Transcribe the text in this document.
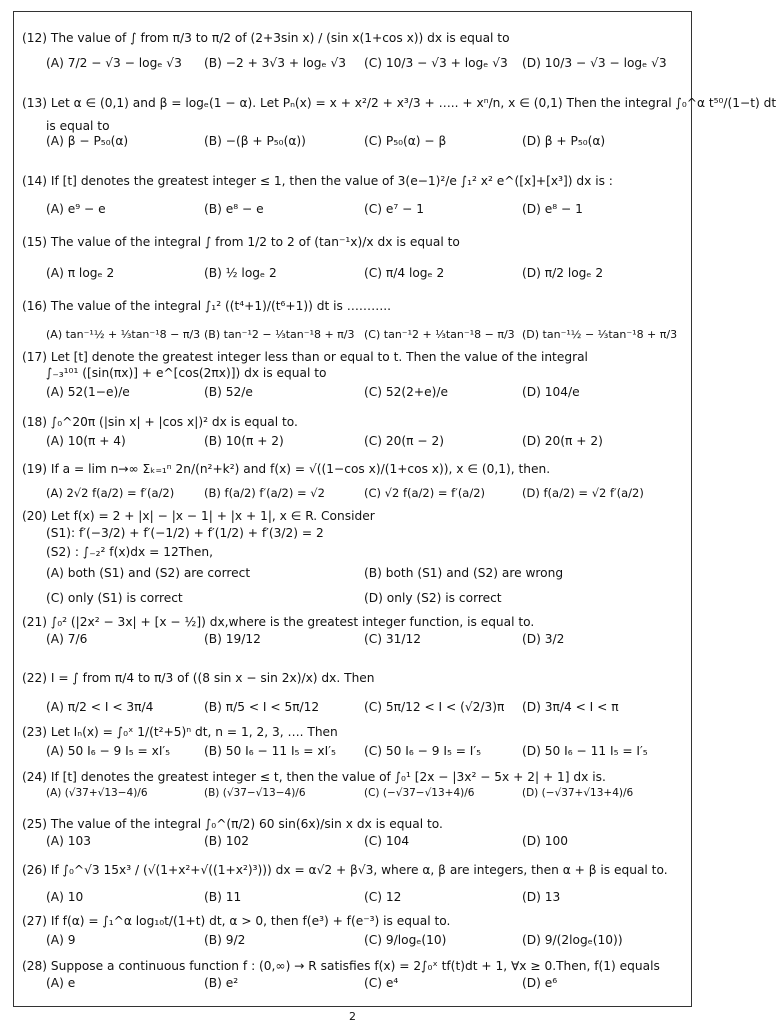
(12) The value of ∫ from π/3 to π/2 of (2+3sin x) / (sin x(1+cos x)) dx is equal to
(A) 7/2 − √3 − logₑ √3 (B) −2 + 3√3 + logₑ √3 (C) 10/3 − √3 + logₑ √3 (D) 10/3 − √3 − logₑ √3
(13) Let α ∈ (0,1) and β = logₑ(1 − α). Let Pₙ(x) = x + x²/2 + x³/3 + ….. + xⁿ/n, x ∈ (0,1) Then the integral ∫₀^α t⁵⁰/(1−t) dt
is equal to
(A) β − P₅₀(α)	(B) −(β + P₅₀(α))	(C) P₅₀(α) − β	(D) β + P₅₀(α)
(14) If [t] denotes the greatest integer ≤ 1, then the value of 3(e−1)²/e ∫₁² x² e^([x]+[x³]) dx is :
(A) e⁹ − e	(B) e⁸ − e	(C) e⁷ − 1	(D) e⁸ − 1
(15) The value of the integral ∫ from 1/2 to 2 of (tan⁻¹x)/x dx is equal to
(A) π logₑ 2	(B) ½ logₑ 2	(C) π/4 logₑ 2	(D) π/2 logₑ 2
(16) The value of the integral ∫₁² ((t⁴+1)/(t⁶+1)) dt is ………..
(A) tan⁻¹½ + ⅓tan⁻¹8 − π/3 (B) tan⁻¹2 − ⅓tan⁻¹8 + π/3 (C) tan⁻¹2 + ⅓tan⁻¹8 − π/3 (D) tan⁻¹½ − ⅓tan⁻¹8 + π/3
(17) Let [t] denote the greatest integer less than or equal to t. Then the value of the integral
∫₋₃¹⁰¹ ([sin(πx)] + e^[cos(2πx)]) dx is equal to
(A) 52(1−e)/e	(B) 52/e	(C) 52(2+e)/e	(D) 104/e
(18) ∫₀^20π (|sin x| + |cos x|)² dx is equal to.
(A) 10(π + 4)	(B) 10(π + 2)	(C) 20(π − 2)	(D) 20(π + 2)
(19) If a = lim n→∞ Σₖ₌₁ⁿ 2n/(n²+k²) and f(x) = √((1−cos x)/(1+cos x)), x ∈ (0,1), then.
(A) 2√2 f(a/2) = f′(a/2)	(B) f(a/2) f′(a/2) = √2	(C) √2 f(a/2) = f′(a/2)	(D) f(a/2) = √2 f′(a/2)
(20) Let f(x) = 2 + |x| − |x − 1| + |x + 1|, x ∈ R. Consider
(S1): f′(−3/2) + f′(−1/2) + f′(1/2) + f′(3/2) = 2
(S2) : ∫₋₂² f(x)dx = 12Then,
(A) both (S1) and (S2) are correct	(B) both (S1) and (S2) are wrong
(C) only (S1) is correct	(D) only (S2) is correct
(21) ∫₀² (|2x² − 3x| + [x − ½]) dx,where is the greatest integer function, is equal to.
(A) 7/6	(B) 19/12	(C) 31/12	(D) 3/2
(22) I = ∫ from π/4 to π/3 of ((8 sin x − sin 2x)/x) dx. Then
(A) π/2 < I < 3π/4	(B) π/5 < I < 5π/12	(C) 5π/12 < I < (√2/3)π (D) 3π/4 < I < π
(23) Let Iₙ(x) = ∫₀ˣ 1/(t²+5)ⁿ dt, n = 1, 2, 3, …. Then
(A) 50 I₆ − 9 I₅ = xI′₅	(B) 50 I₆ − 11 I₅ = xI′₅ (C) 50 I₆ − 9 I₅ = I′₅	(D) 50 I₆ − 11 I₅ = I′₅
(24) If [t] denotes the greatest integer ≤ t, then the value of ∫₀¹ [2x − |3x² − 5x + 2| + 1] dx is.
(A) (√37+√13−4)/6	(B) (√37−√13−4)/6	(C) (−√37−√13+4)/6	(D) (−√37+√13+4)/6
(25) The value of the integral ∫₀^(π/2) 60 sin(6x)/sin x dx is equal to.
(A) 103	(B) 102	(C) 104	(D) 100
(26) If ∫₀^√3 15x³ / (√(1+x²+√((1+x²)³))) dx = α√2 + β√3, where α, β are integers, then α + β is equal to.
(A) 10	(B) 11	(C) 12	(D) 13
(27) If f(α) = ∫₁^α log₁₀t/(1+t) dt, α > 0, then f(e³) + f(e⁻³) is equal to.
(A) 9	(B) 9/2	(C) 9/logₑ(10)	(D) 9/(2logₑ(10))
(28) Suppose a continuous function f : (0,∞) → R satisfies f(x) = 2∫₀ˣ tf(t)dt + 1, ∀x ≥ 0.Then, f(1) equals
(A) e	(B) e²	(C) e⁴	(D) e⁶
2
